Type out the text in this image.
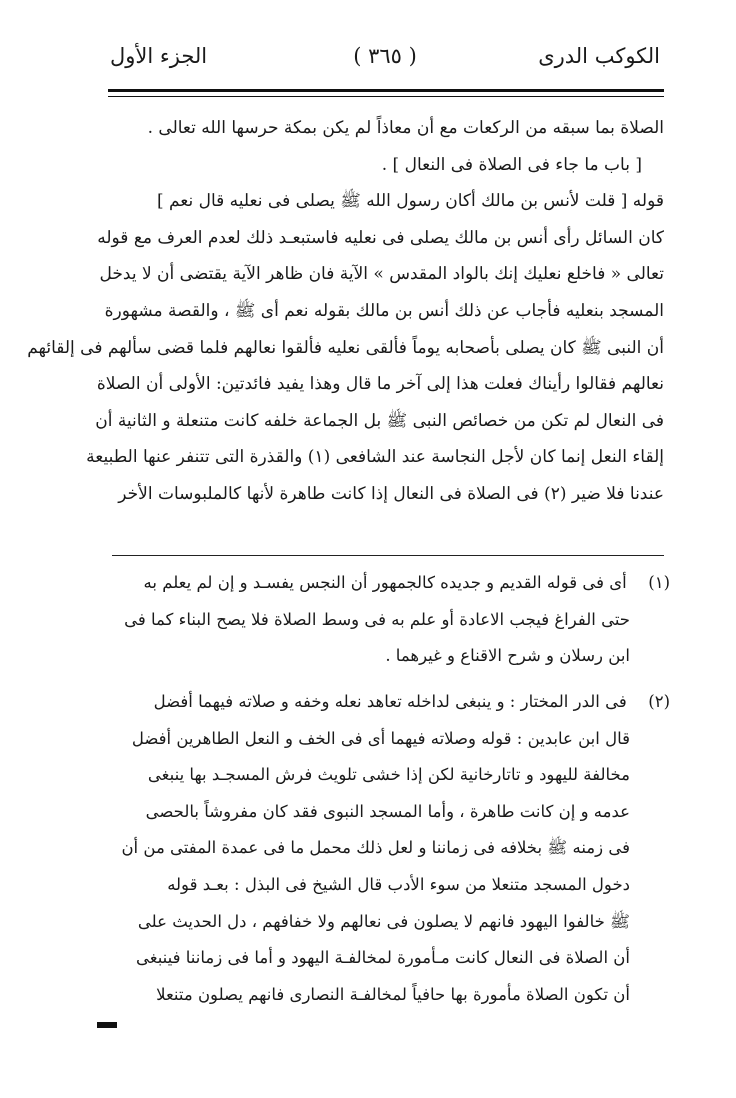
الكوكب الدرى
( ٣٦٥ )
الجزء الأول
الصلاة بما سبقه من الركعات مع أن معاذاً لم يكن بمكة حرسها الله تعالى .
[ باب ما جاء فى الصلاة فى النعال ] .
قوله [ قلت لأنس بن مالك أكان رسول الله ﷺ يصلى فى نعليه قال نعم ]
كان السائل رأى أنس بن مالك يصلى فى نعليه فاستبعـد ذلك لعدم العرف مع قوله
تعالى « فاخلع نعليك إنك بالواد المقدس » الآية فان ظاهر الآية يقتضى أن لا يدخل
المسجد بنعليه فأجاب عن ذلك أنس بن مالك بقوله نعم أى ﷺ ، والقصة مشهورة
أن النبى ﷺ كان يصلى بأصحابه يوماً فألقى نعليه فألقوا نعالهم فلما قضى سألهم فى إلقائهم
نعالهم فقالوا رأيناك فعلت هذا إلى آخر ما قال وهذا يفيد فائدتين: الأولى أن الصلاة
فى النعال لم تكن من خصائص النبى ﷺ بل الجماعة خلفه كانت متنعلة و الثانية أن
إلقاء النعل إنما كان لأجل النجاسة عند الشافعى (١) والقذرة التى تتنفر عنها الطبيعة
عندنا فلا ضير (٢) فى الصلاة فى النعال إذا كانت طاهرة لأنها كالملبوسات الأخر
(١) أى فى قوله القديم و جديده كالجمهور أن النجس يفسـد و إن لم يعلم به
حتى الفراغ فيجب الاعادة أو علم به فى وسط الصلاة فلا يصح البناء كما فى
ابن رسلان و شرح الاقناع و غيرهما .
(٢) فى الدر المختار : و ينبغى لداخله تعاهد نعله وخفه و صلاته فيهما أفضل
قال ابن عابدين : قوله وصلاته فيهما أى فى الخف و النعل الطاهرين أفضل
مخالفة لليهود و تاتارخانية لكن إذا خشى تلويث فرش المسجـد بها ينبغى
عدمه و إن كانت طاهرة ، وأما المسجد النبوى فقد كان مفروشاً بالحصى
فى زمنه ﷺ بخلافه فى زماننا و لعل ذلك محمل ما فى عمدة المفتى من أن
دخول المسجد متنعلا من سوء الأدب قال الشيخ فى البذل : بعـد قوله
ﷺ خالفوا اليهود فانهم لا يصلون فى نعالهم ولا خفافهم ، دل الحديث على
أن الصلاة فى النعال كانت مـأمورة لمخالفـة اليهود و أما فى زماننا فينبغى
أن تكون الصلاة مأمورة بها حافياً لمخالفـة النصارى فانهم يصلون متنعلا
